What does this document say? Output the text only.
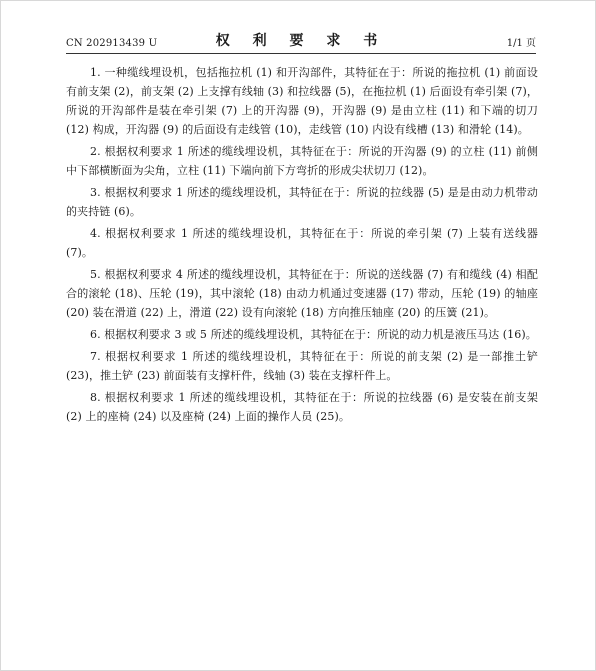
CN 202913439 U	权 利 要 求 书	1/1 页

1. 一种缆线埋设机，包括拖拉机 (1) 和开沟部件，其特征在于：所说的拖拉机 (1) 前面设有前支架 (2)，前支架 (2) 上支撑有线轴 (3) 和拉线器 (5)，在拖拉机 (1) 后面设有牵引架 (7)，所说的开沟部件是装在牵引架 (7) 上的开沟器 (9)，开沟器 (9) 是由立柱 (11) 和下端的切刀 (12) 构成，开沟器 (9) 的后面设有走线管 (10)，走线管 (10) 内设有线槽 (13) 和滑轮 (14)。

2. 根据权利要求 1 所述的缆线埋设机，其特征在于：所说的开沟器 (9) 的立柱 (11) 前侧中下部横断面为尖角，立柱 (11) 下端向前下方弯折的形成尖状切刀 (12)。

3. 根据权利要求 1 所述的缆线埋设机，其特征在于：所说的拉线器 (5) 是是由动力机带动的夹持链 (6)。

4. 根据权利要求 1 所述的缆线埋设机，其特征在于：所说的牵引架 (7) 上装有送线器 (7)。

5. 根据权利要求 4 所述的缆线埋设机，其特征在于：所说的送线器 (7) 有和缆线 (4) 相配合的滚轮 (18)、压轮 (19)，其中滚轮 (18) 由动力机通过变速器 (17) 带动，压轮 (19) 的轴座 (20) 装在滑道 (22) 上，滑道 (22) 设有向滚轮 (18) 方向推压轴座 (20) 的压簧 (21)。

6. 根据权利要求 3 或 5 所述的缆线埋设机，其特征在于：所说的动力机是液压马达 (16)。

7. 根据权利要求 1 所述的缆线埋设机，其特征在于：所说的前支架 (2) 是一部推土铲 (23)，推土铲 (23) 前面装有支撑杆件，线轴 (3) 装在支撑杆件上。

8. 根据权利要求 1 所述的缆线埋设机，其特征在于：所说的拉线器 (6) 是安装在前支架 (2) 上的座椅 (24) 以及座椅 (24) 上面的操作人员 (25)。
